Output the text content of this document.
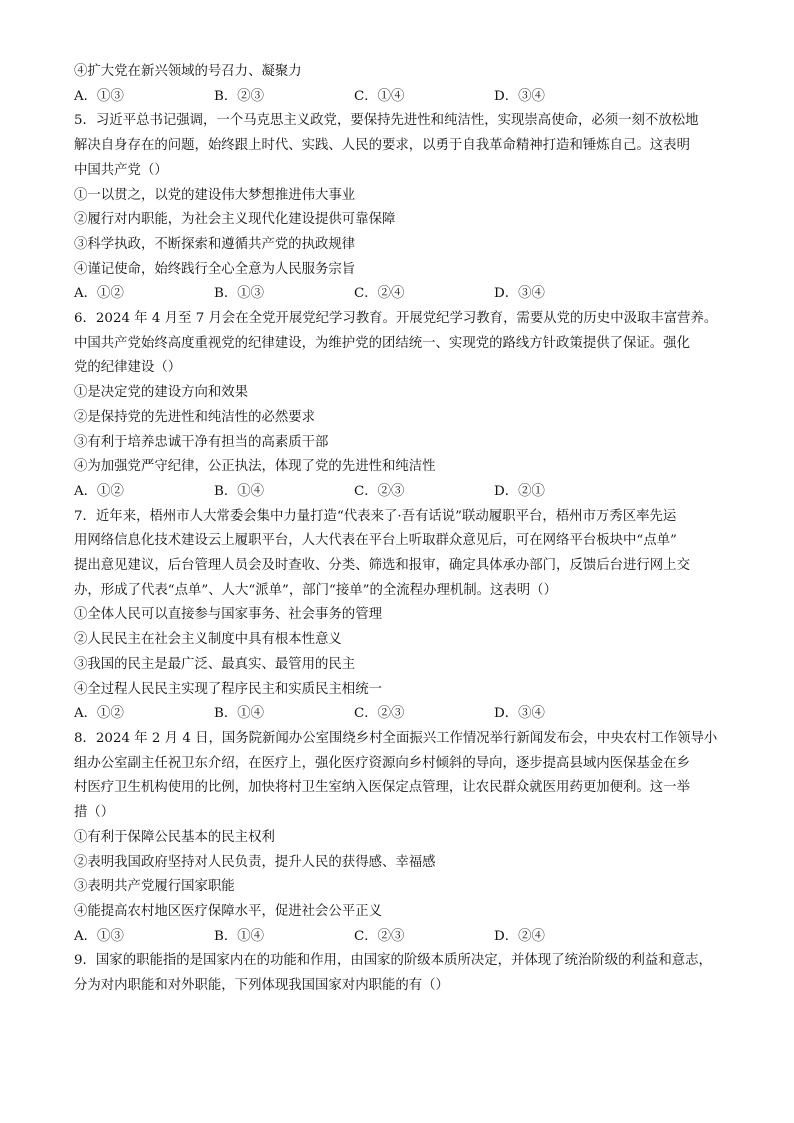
④扩大党在新兴领域的号召力、凝聚力
A．①③	B．②③	C．①④	D．③④
5．习近平总书记强调，一个马克思主义政党，要保持先进性和纯洁性，实现崇高使命，必须一刻不放松地
解决自身存在的问题，始终跟上时代、实践、人民的要求，以勇于自我革命精神打造和锤炼自己。这表明
中国共产党（）
①一以贯之，以党的建设伟大梦想推进伟大事业
②履行对内职能，为社会主义现代化建设提供可靠保障
③科学执政，不断探索和遵循共产党的执政规律
④谨记使命，始终践行全心全意为人民服务宗旨
A．①②	B．①③	C．②④	D．③④
6．2024 年 4 月至 7 月会在全党开展党纪学习教育。开展党纪学习教育，需要从党的历史中汲取丰富营养。
中国共产党始终高度重视党的纪律建设，为维护党的团结统一、实现党的路线方针政策提供了保证。强化
党的纪律建设（）
①是决定党的建设方向和效果
②是保持党的先进性和纯洁性的必然要求
③有利于培养忠诚干净有担当的高素质干部
④为加强党严守纪律，公正执法，体现了党的先进性和纯洁性
A．①②	B．①④	C．②③	D．②①
7．近年来，梧州市人大常委会集中力量打造“代表来了·吾有话说”联动履职平台，梧州市万秀区率先运
用网络信息化技术建设云上履职平台，人大代表在平台上听取群众意见后，可在网络平台板块中“点单”
提出意见建议，后台管理人员会及时查收、分类、筛选和报审，确定具体承办部门，反馈后台进行网上交
办，形成了代表“点单”、人大“派单”，部门“接单”的全流程办理机制。这表明（）
①全体人民可以直接参与国家事务、社会事务的管理
②人民民主在社会主义制度中具有根本性意义
③我国的民主是最广泛、最真实、最管用的民主
④全过程人民民主实现了程序民主和实质民主相统一
A．①②	B．①④	C．②③	D．③④
8．2024 年 2 月 4 日，国务院新闻办公室围绕乡村全面振兴工作情况举行新闻发布会，中央农村工作领导小
组办公室副主任祝卫东介绍，在医疗上，强化医疗资源向乡村倾斜的导向，逐步提高县域内医保基金在乡
村医疗卫生机构使用的比例，加快将村卫生室纳入医保定点管理，让农民群众就医用药更加便利。这一举
措（）
①有利于保障公民基本的民主权利
②表明我国政府坚持对人民负责，提升人民的获得感、幸福感
③表明共产党履行国家职能
④能提高农村地区医疗保障水平，促进社会公平正义
A．①③	B．①④	C．②③	D．②④
9．国家的职能指的是国家内在的功能和作用，由国家的阶级本质所决定，并体现了统治阶级的利益和意志，
分为对内职能和对外职能，下列体现我国国家对内职能的有（）
